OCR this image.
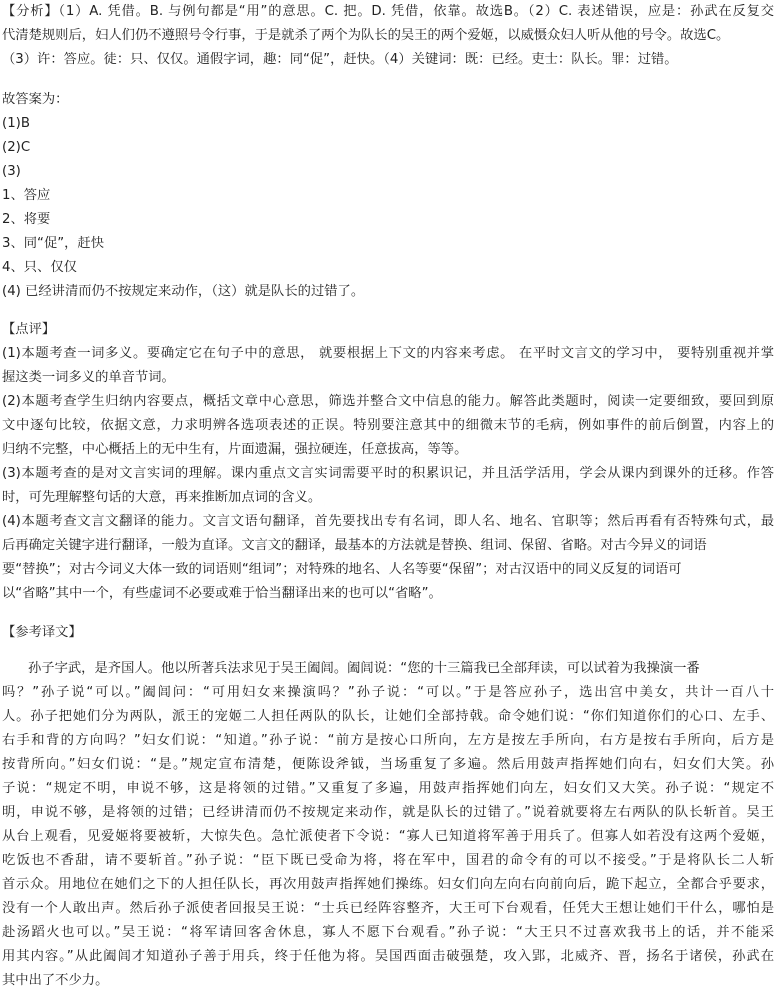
【分析】（1）A. 凭借。B. 与例句都是“用”的意思。C. 把。D. 凭借，依靠。故选B。（2）C. 表述错误，应是：孙武在反复交
代清楚规则后，妇人们仍不遵照号令行事，于是就杀了两个为队长的吴王的两个爱姬，以威慑众妇人听从他的号令。故选C。
（3）许：答应。徒：只、仅仅。通假字词，趣：同“促”，赶快。（4）关键词：既：已经。吏士：队长。罪：过错。
故答案为：
(1)B
(2)C
(3)
1、答应
2、将要
3、同“促”，赶快
4、只、仅仅
(4) 已经讲清而仍不按规定来动作，（这）就是队长的过错了。
【点评】
(1)本题考查一词多义。要确定它在句子中的意思， 就要根据上下文的内容来考虑。 在平时文言文的学习中， 要特别重视并掌
握这类一词多义的单音节词。
(2)本题考查学生归纳内容要点，概括文章中心意思，筛选并整合文中信息的能力。解答此类题时，阅读一定要细致，要回到原
文中逐句比较，依据文意，力求明辨各选项表述的正误。特别要注意其中的细微末节的毛病，例如事件的前后倒置，内容上的
归纳不完整，中心概括上的无中生有，片面遗漏，强拉硬连，任意拔高，等等。
(3)本题考查的是对文言实词的理解。课内重点文言实词需要平时的积累识记，并且活学活用，学会从课内到课外的迁移。作答
时，可先理解整句话的大意，再来推断加点词的含义。
(4)本题考查文言文翻译的能力。文言文语句翻译，首先要找出专有名词，即人名、地名、官职等；然后再看有否特殊句式，最
后再确定关键字进行翻译，一般为直译。文言文的翻译，最基本的方法就是替换、组词、保留、省略。对古今异义的词语
要“替换”；对古今词义大体一致的词语则“组词”；对特殊的地名、人名等要“保留”；对古汉语中的同义反复的词语可
以“省略”其中一个，有些虚词不必要或难于恰当翻译出来的也可以“省略”。
【参考译文】
孙子字武，是齐国人。他以所著兵法求见于吴王阖闾。阖闾说：“您的十三篇我已全部拜读，可以试着为我操演一番
吗？”孙子说“可以。”阖闾问：“可用妇女来操演吗？”孙子说：“可以。”于是答应孙子，选出宫中美女，共计一百八十
人。孙子把她们分为两队，派王的宠姬二人担任两队的队长，让她们全部持戟。命令她们说：“你们知道你们的心口、左手、
右手和背的方向吗？”妇女们说：“知道。”孙子说：“前方是按心口所向，左方是按左手所向，右方是按右手所向，后方是
按背所向。”妇女们说：“是。”规定宣布清楚，便陈设斧钺，当场重复了多遍。然后用鼓声指挥她们向右，妇女们大笑。孙
子说：“规定不明，申说不够，这是将领的过错。”又重复了多遍，用鼓声指挥她们向左，妇女们又大笑。孙子说：“规定不
明，申说不够，是将领的过错；已经讲清而仍不按规定来动作，就是队长的过错了。”说着就要将左右两队的队长斩首。吴王
从台上观看，见爱姬将要被斩，大惊失色。急忙派使者下令说：“寡人已知道将军善于用兵了。但寡人如若没有这两个爱姬，
吃饭也不香甜，请不要斩首。”孙子说：“臣下既已受命为将，将在军中，国君的命令有的可以不接受。”于是将队长二人斩
首示众。用地位在她们之下的人担任队长，再次用鼓声指挥她们操练。妇女们向左向右向前向后，跪下起立，全都合乎要求，
没有一个人敢出声。然后孙子派使者回报吴王说：“士兵已经阵容整齐，大王可下台观看，任凭大王想让她们干什么，哪怕是
赴汤蹈火也可以。”吴王说：“将军请回客舍休息，寡人不愿下台观看。”孙子说：“大王只不过喜欢我书上的话，并不能采
用其内容。”从此阖闾才知道孙子善于用兵，终于任他为将。吴国西面击破强楚，攻入郢，北威齐、晋，扬名于诸侯，孙武在
其中出了不少力。
